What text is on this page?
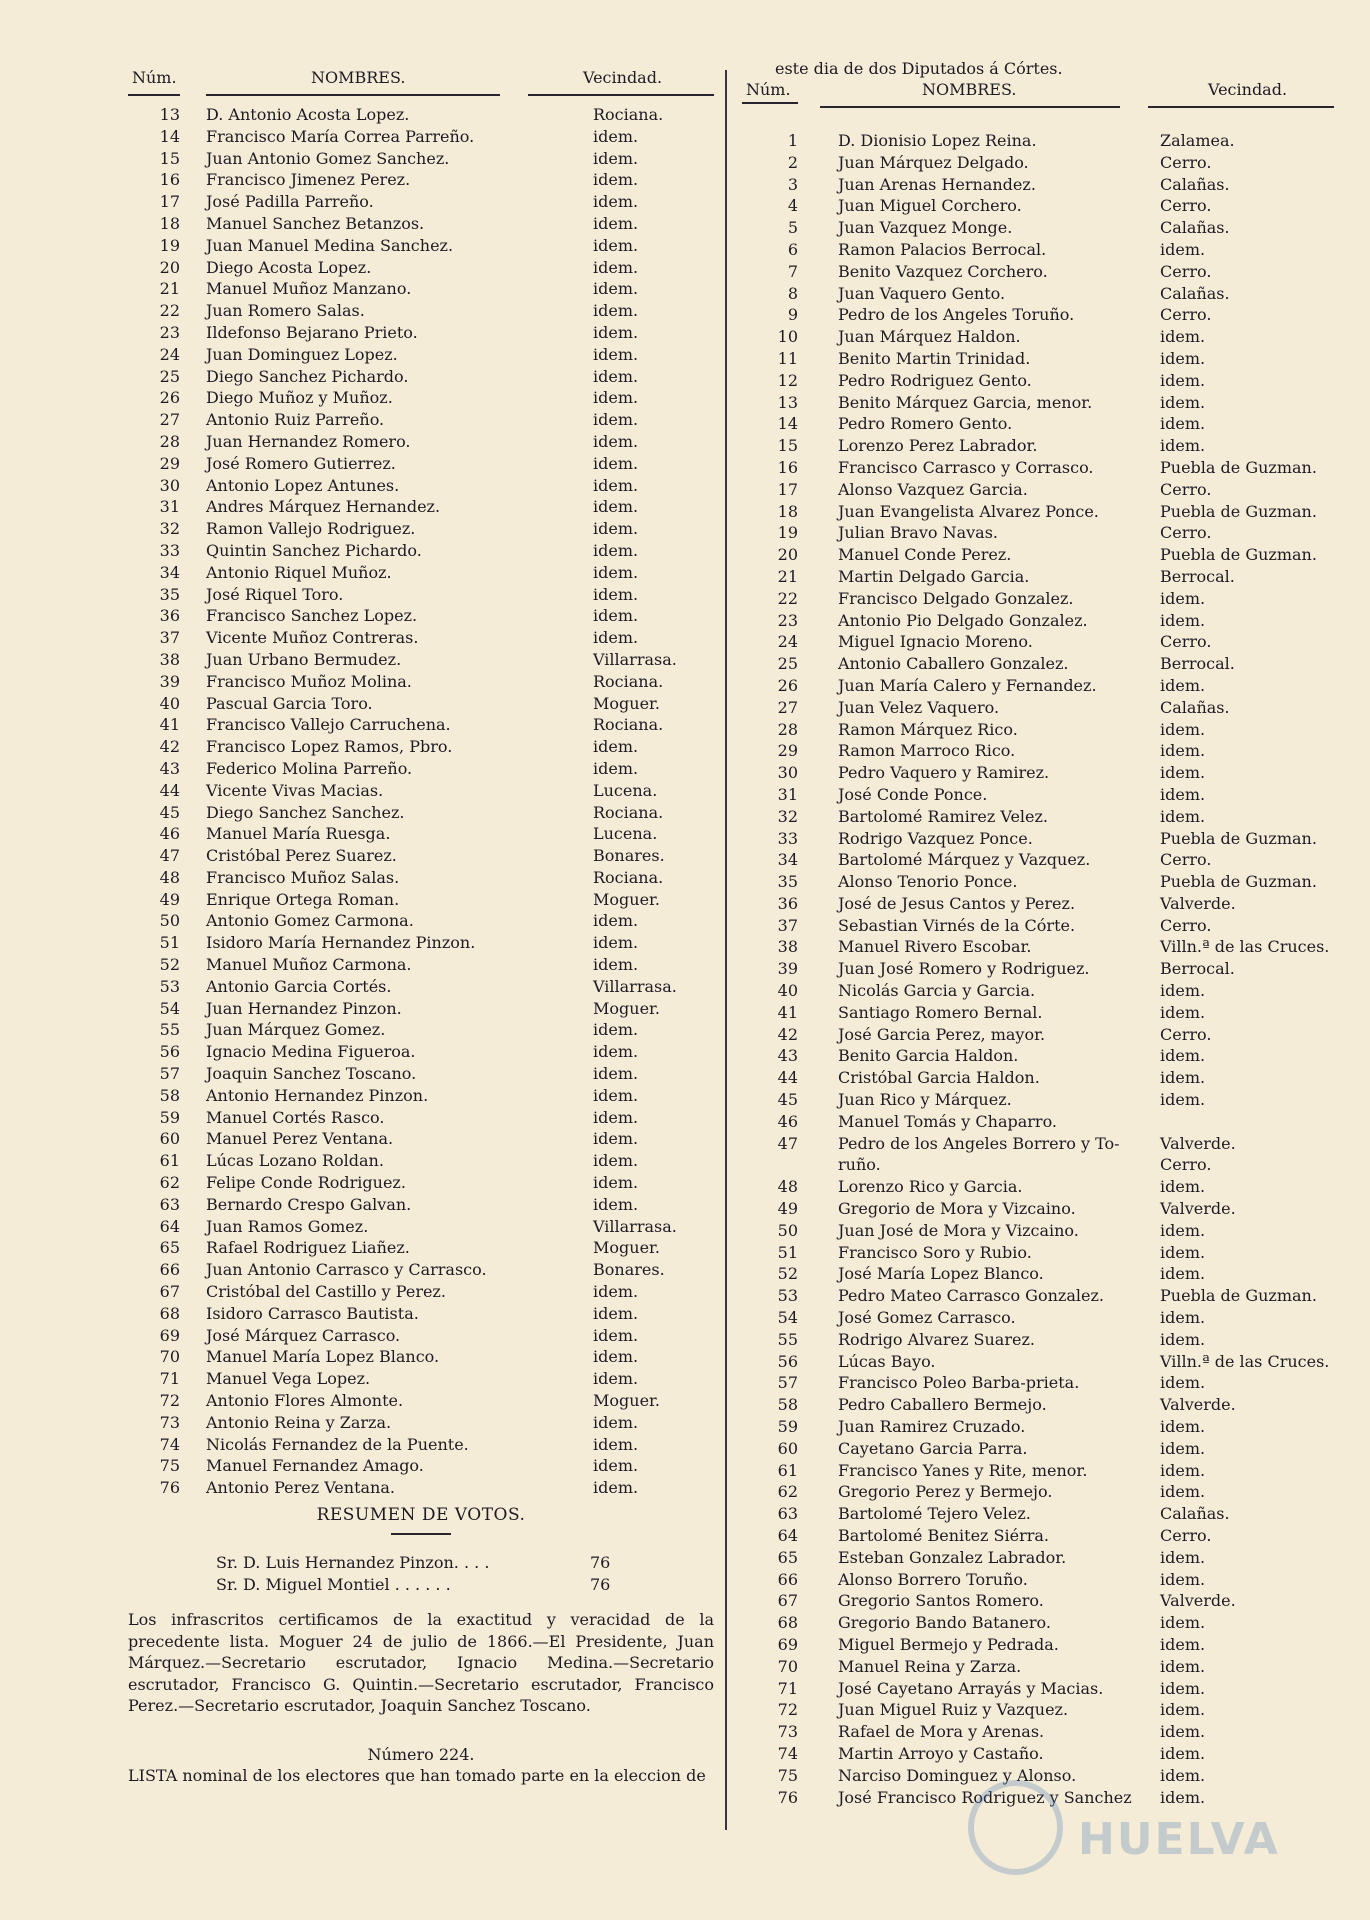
Núm.	NOMBRES.	Vecindad.
13 D. Antonio Acosta Lopez.	Rociana.
14 Francisco María Correa Parreño.	idem.
15 Juan Antonio Gomez Sanchez.	idem.
16 Francisco Jimenez Perez.	idem.
17 José Padilla Parreño.	idem.
18 Manuel Sanchez Betanzos.	idem.
19 Juan Manuel Medina Sanchez.	idem.
20 Diego Acosta Lopez.	idem.
21 Manuel Muñoz Manzano.	idem.
22 Juan Romero Salas.	idem.
23 Ildefonso Bejarano Prieto.	idem.
24 Juan Dominguez Lopez.	idem.
25 Diego Sanchez Pichardo.	idem.
26 Diego Muñoz y Muñoz.	idem.
27 Antonio Ruiz Parreño.	idem.
28 Juan Hernandez Romero.	idem.
29 José Romero Gutierrez.	idem.
30 Antonio Lopez Antunes.	idem.
31 Andres Márquez Hernandez.	idem.
32 Ramon Vallejo Rodriguez.	idem.
33 Quintin Sanchez Pichardo.	idem.
34 Antonio Riquel Muñoz.	idem.
35 José Riquel Toro.	idem.
36 Francisco Sanchez Lopez.	idem.
37 Vicente Muñoz Contreras.	idem.
38 Juan Urbano Bermudez.	Villarrasa.
39 Francisco Muñoz Molina.	Rociana.
40 Pascual Garcia Toro.	Moguer.
41 Francisco Vallejo Carruchena.	Rociana.
42 Francisco Lopez Ramos, Pbro.	idem.
43 Federico Molina Parreño.	idem.
44 Vicente Vivas Macias.	Lucena.
45 Diego Sanchez Sanchez.	Rociana.
46 Manuel María Ruesga.	Lucena.
47 Cristóbal Perez Suarez.	Bonares.
48 Francisco Muñoz Salas.	Rociana.
49 Enrique Ortega Roman.	Moguer.
50 Antonio Gomez Carmona.	idem.
51 Isidoro María Hernandez Pinzon.	idem.
52 Manuel Muñoz Carmona.	idem.
53 Antonio Garcia Cortés.	Villarrasa.
54 Juan Hernandez Pinzon.	Moguer.
55 Juan Márquez Gomez.	idem.
56 Ignacio Medina Figueroa.	idem.
57 Joaquin Sanchez Toscano.	idem.
58 Antonio Hernandez Pinzon.	idem.
59 Manuel Cortés Rasco.	idem.
60 Manuel Perez Ventana.	idem.
61 Lúcas Lozano Roldan.	idem.
62 Felipe Conde Rodriguez.	idem.
63 Bernardo Crespo Galvan.	idem.
64 Juan Ramos Gomez.	Villarrasa.
65 Rafael Rodriguez Liañez.	Moguer.
66 Juan Antonio Carrasco y Carrasco.	Bonares.
67 Cristóbal del Castillo y Perez.	idem.
68 Isidoro Carrasco Bautista.	idem.
69 José Márquez Carrasco.	idem.
70 Manuel María Lopez Blanco.	idem.
71 Manuel Vega Lopez.	idem.
72 Antonio Flores Almonte.	Moguer.
73 Antonio Reina y Zarza.	idem.
74 Nicolás Fernandez de la Puente.	idem.
75 Manuel Fernandez Amago.	idem.
76 Antonio Perez Ventana.	idem.
RESUMEN DE VOTOS.
Sr. D. Luis Hernandez Pinzon. . . .	76
Sr. D. Miguel Montiel . . . . . .	76
Los infrascritos certificamos de la exactitud y veracidad de la precedente lista. Moguer 24 de julio de 1866.—El Presidente, Juan Márquez.—Secretario escrutador, Ignacio Medina.—Secretario escrutador, Francisco G. Quintin.—Secretario escrutador, Francisco Perez.—Secretario escrutador, Joaquin Sanchez Toscano.
Número 224.
LISTA nominal de los electores que han tomado parte en la eleccion de
este dia de dos Diputados á Córtes.
Núm.	NOMBRES.	Vecindad.
1	D. Dionisio Lopez Reina.	Zalamea.
2	Juan Márquez Delgado.	Cerro.
3	Juan Arenas Hernandez.	Calañas.
4	Juan Miguel Corchero.	Cerro.
5	Juan Vazquez Monge.	Calañas.
6	Ramon Palacios Berrocal.	idem.
7	Benito Vazquez Corchero.	Cerro.
8	Juan Vaquero Gento.	Calañas.
9	Pedro de los Angeles Toruño.	Cerro.
10	Juan Márquez Haldon.	idem.
11	Benito Martin Trinidad.	idem.
12	Pedro Rodriguez Gento.	idem.
13	Benito Márquez Garcia, menor.	idem.
14	Pedro Romero Gento.	idem.
15	Lorenzo Perez Labrador.	idem.
16	Francisco Carrasco y Corrasco.	Puebla de Guzman.
17	Alonso Vazquez Garcia.	Cerro.
18	Juan Evangelista Alvarez Ponce.	Puebla de Guzman.
19	Julian Bravo Navas.	Cerro.
20	Manuel Conde Perez.	Puebla de Guzman.
21	Martin Delgado Garcia.	Berrocal.
22	Francisco Delgado Gonzalez.	idem.
23	Antonio Pio Delgado Gonzalez.	idem.
24	Miguel Ignacio Moreno.	Cerro.
25	Antonio Caballero Gonzalez.	Berrocal.
26	Juan María Calero y Fernandez.	idem.
27	Juan Velez Vaquero.	Calañas.
28	Ramon Márquez Rico.	idem.
29	Ramon Marroco Rico.	idem.
30	Pedro Vaquero y Ramirez.	idem.
31	José Conde Ponce.	idem.
32	Bartolomé Ramirez Velez.	idem.
33	Rodrigo Vazquez Ponce.	Puebla de Guzman.
34	Bartolomé Márquez y Vazquez.	Cerro.
35	Alonso Tenorio Ponce.	Puebla de Guzman.
36	José de Jesus Cantos y Perez.	Valverde.
37	Sebastian Virnés de la Córte.	Cerro.
38	Manuel Rivero Escobar.	Villn.ª de las Cruces.
39	Juan José Romero y Rodriguez.	Berrocal.
40	Nicolás Garcia y Garcia.	idem.
41	Santiago Romero Bernal.	idem.
42	José Garcia Perez, mayor.	Cerro.
43	Benito Garcia Haldon.	idem.
44	Cristóbal Garcia Haldon.	idem.
45	Juan Rico y Márquez.	idem.
46	Manuel Tomás y Chaparro.
47	Pedro de los Angeles Borrero y To-	Valverde.
ruño.	Cerro.
48	Lorenzo Rico y Garcia.	idem.
49	Gregorio de Mora y Vizcaino.	Valverde.
50	Juan José de Mora y Vizcaino.	idem.
51	Francisco Soro y Rubio.	idem.
52	José María Lopez Blanco.	idem.
53	Pedro Mateo Carrasco Gonzalez.	Puebla de Guzman.
54	José Gomez Carrasco.	idem.
55	Rodrigo Alvarez Suarez.	idem.
56	Lúcas Bayo.	Villn.ª de las Cruces.
57	Francisco Poleo Barba-prieta.	idem.
58	Pedro Caballero Bermejo.	Valverde.
59	Juan Ramirez Cruzado.	idem.
60	Cayetano Garcia Parra.	idem.
61	Francisco Yanes y Rite, menor.	idem.
62	Gregorio Perez y Bermejo.	idem.
63	Bartolomé Tejero Velez.	Calañas.
64	Bartolomé Benitez Siérra.	Cerro.
65	Esteban Gonzalez Labrador.	idem.
66	Alonso Borrero Toruño.	idem.
67	Gregorio Santos Romero.	Valverde.
68	Gregorio Bando Batanero.	idem.
69	Miguel Bermejo y Pedrada.	idem.
70	Manuel Reina y Zarza.	idem.
71	José Cayetano Arrayás y Macias.	idem.
72	Juan Miguel Ruiz y Vazquez.	idem.
73	Rafael de Mora y Arenas.	idem.
74	Martin Arroyo y Castaño.	idem.
75	Narciso Dominguez y Alonso.	idem.
76	José Francisco Rodriguez y Sanchez idem.
HUELVA
